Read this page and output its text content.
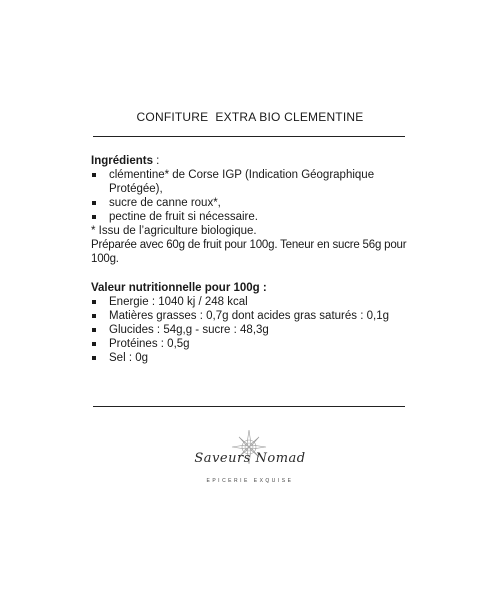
CONFITURE  EXTRA BIO CLEMENTINE
Ingrédients :
clémentine* de Corse IGP (Indication Géographique Protégée),
sucre de canne roux*,
pectine de fruit si nécessaire.
* Issu de l’agriculture biologique.
Préparée avec 60g de fruit pour 100g. Teneur en sucre 56g pour 100g.
Valeur nutritionnelle pour 100g :
Energie : 1040 kj / 248 kcal
Matières grasses : 0,7g dont acides gras saturés : 0,1g
Glucides : 54g,g - sucre : 48,3g
Protéines : 0,5g
Sel : 0g
Saveurs Nomad
EPICERIE EXQUISE
